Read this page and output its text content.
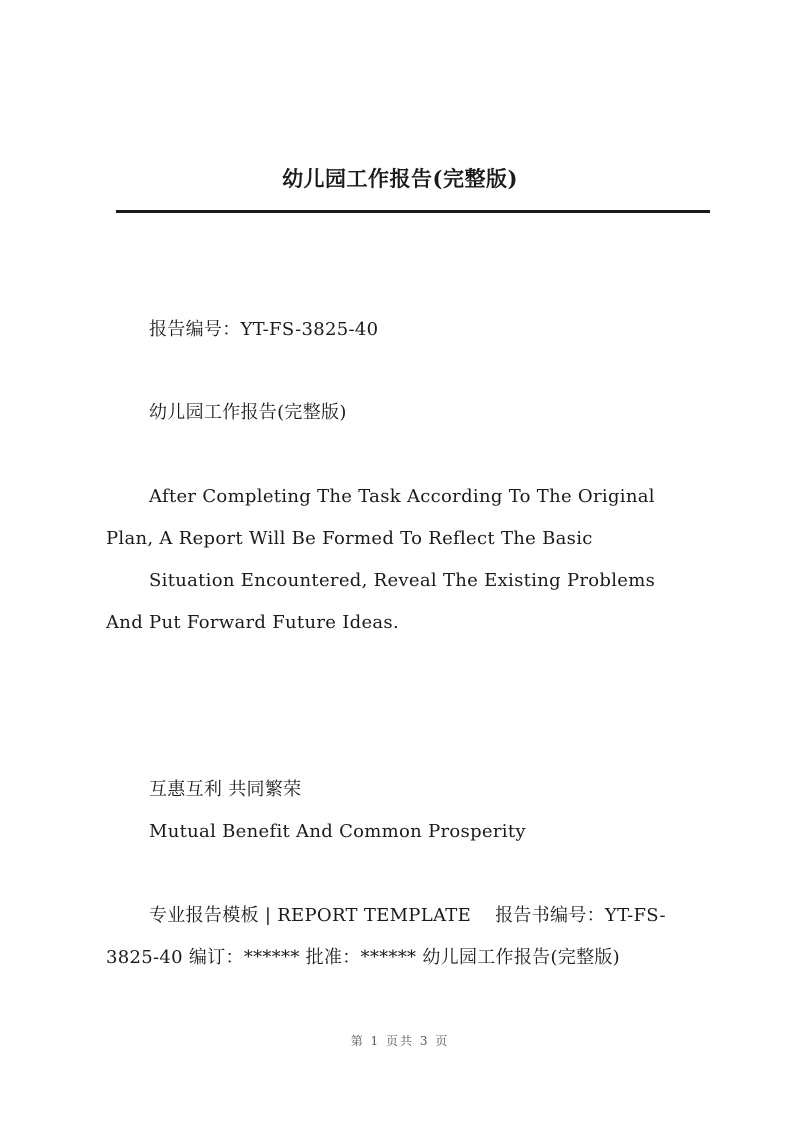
幼儿园工作报告(完整版)
报告编号：YT-FS-3825-40
幼儿园工作报告(完整版)
After Completing The Task According To The Original
Plan, A Report Will Be Formed To Reflect The Basic
Situation Encountered, Reveal The Existing Problems
And Put Forward Future Ideas.
互惠互利 共同繁荣
Mutual Benefit And Common Prosperity
专业报告模板 | REPORT TEMPLATE    报告书编号：YT-FS-
3825-40 编订：****** 批准：****** 幼儿园工作报告(完整版)
第 1 页共 3 页
